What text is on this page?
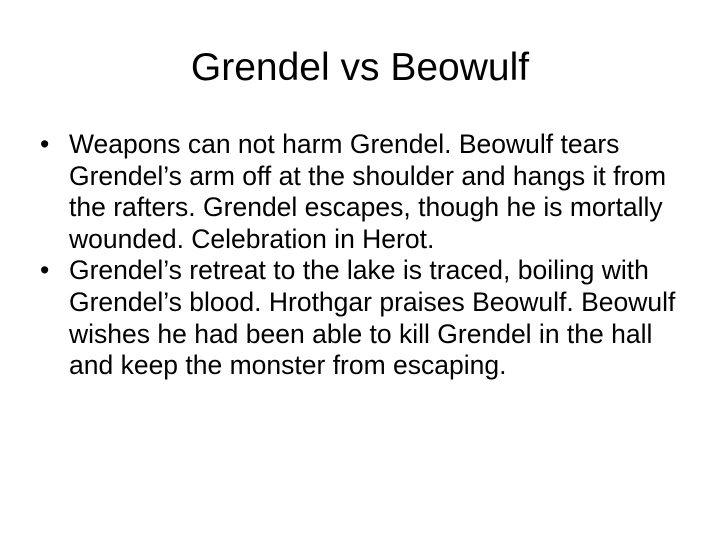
Grendel vs Beowulf
• Weapons can not harm Grendel. Beowulf tears Grendel’s arm off at the shoulder and hangs it from the rafters. Grendel escapes, though he is mortally wounded. Celebration in Herot.
• Grendel’s retreat to the lake is traced, boiling with Grendel’s blood. Hrothgar praises Beowulf. Beowulf wishes he had been able to kill Grendel in the hall and keep the monster from escaping.
